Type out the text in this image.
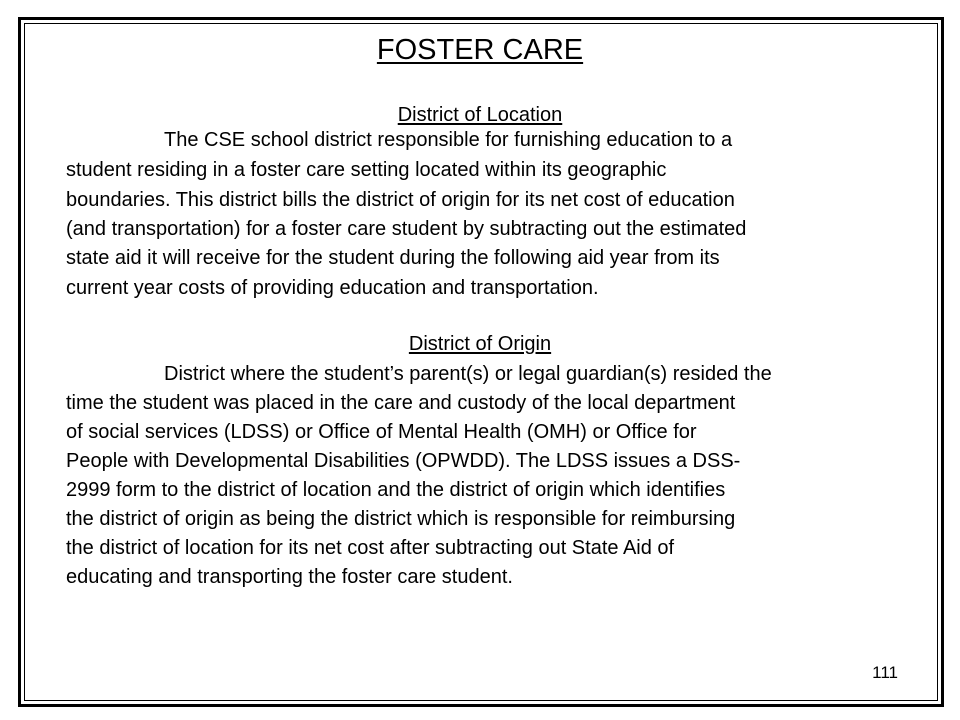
FOSTER CARE
District of Location

The CSE school district responsible for furnishing education to a

student residing in a foster care setting located within its geographic

boundaries. This district bills the district of origin for its net cost of education

(and transportation) for a foster care student by subtracting out the estimated

state aid it will receive for the student during the following aid year from its

current year costs of providing education and transportation.

District of Origin

District where the student’s parent(s) or legal guardian(s) resided the

time the student was placed in the care and custody of the local department

of social services (LDSS) or Office of Mental Health (OMH) or Office for

People with Developmental Disabilities (OPWDD). The LDSS issues a DSS-

2999 form to the district of location and the district of origin which identifies

the district of origin as being the district which is responsible for reimbursing

the district of location for its net cost after subtracting out State Aid of

educating and transporting the foster care student.

111
